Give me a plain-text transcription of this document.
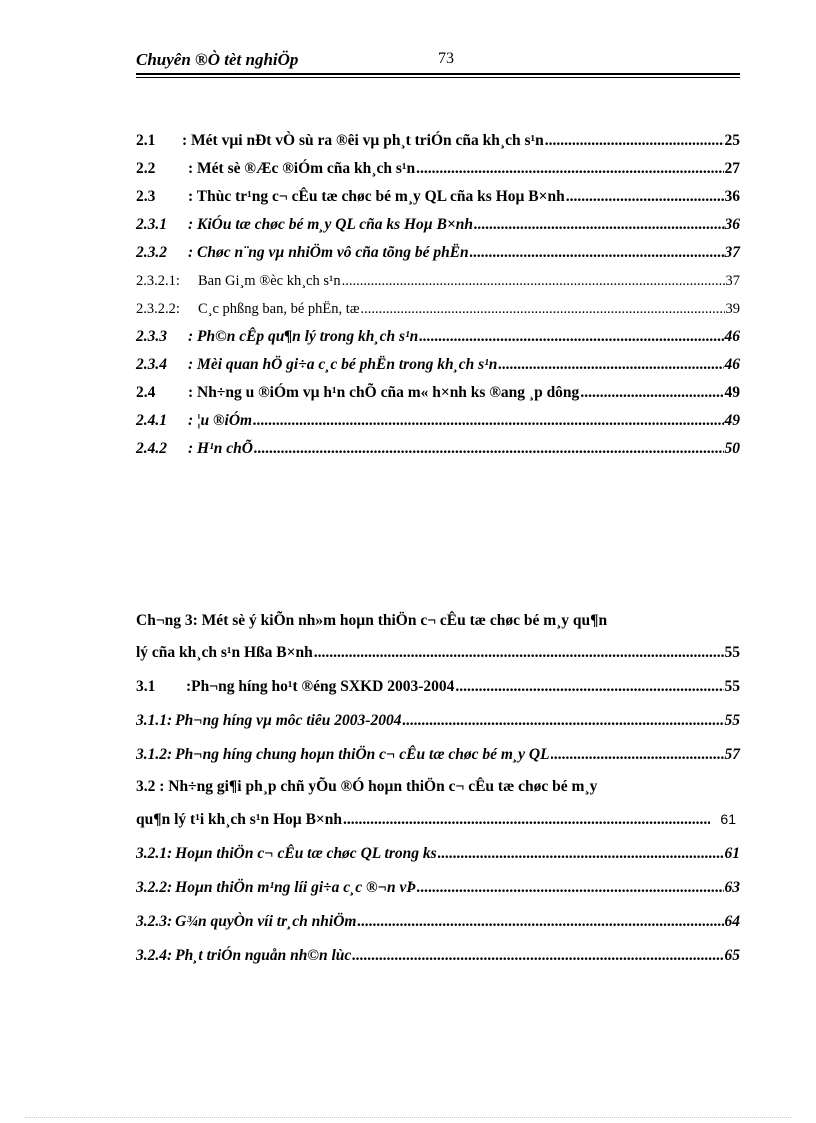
Chuyên ®Ò tèt nghiÖp	73
2.1	: Mét vµi nÐt vÒ sù ra ®êi vµ ph¸t triÓn cña kh¸ch s¹n .....	25
2.2	: Mét sè ®Æc ®iÓm cña kh¸ch s¹n .....	27
2.3	: Thùc tr¹ng c¬ cÊu tæ chøc bé m¸y QL cña ks Hoµ B×nh .....	36
2.3.1	: KiÓu tæ chøc bé m¸y QL cña ks Hoµ B×nh .....	36
2.3.2	: Chøc n¨ng vµ nhiÖm vô cña tõng bé phËn .....	37
2.3.2.1:	Ban Gi¸m ®èc kh¸ch s¹n .....	37
2.3.2.2:	C¸c phßng ban, bé phËn, tæ .....	39
2.3.3	: Ph©n cÊp qu¶n lý trong kh¸ch s¹n .....	46
2.3.4	: Mèi quan hÖ gi÷a c¸c bé phËn trong kh¸ch s¹n .....	46
2.4	: Nh÷ng u ®iÓm vµ h¹n chÕ cña m« h×nh ks ®ang ¸p dông .....	49
2.4.1	: ¦u ®iÓm .....	49
2.4.2	: H¹n chÕ .....	50
Ch¬ng 3: Mét sè ý kiÕn nh»m hoµn thiÖn c¬ cÊu tæ chøc bé m¸y qu¶n
lý cña kh¸ch s¹n Hßa B×nh .....	55
3.1	:Ph¬ng híng ho¹t ®éng SXKD 2003-2004 .....	55
3.1.1: Ph¬ng híng vµ môc tiêu 2003-2004 .....	55
3.1.2: Ph¬ng híng chung hoµn thiÖn c¬ cÊu tæ chøc bé m¸y QL .....	57
3.2 : Nh÷ng gi¶i ph¸p chñ yÕu ®Ó hoµn thiÖn c¬ cÊu tæ chøc bé m¸y
qu¶n lý t¹i kh¸ch s¹n Hoµ B×nh .....	61
3.2.1: Hoµn thiÖn c¬ cÊu tæ chøc QL trong ks .....	61
3.2.2: Hoµn thiÖn m¹ng líi gi÷a c¸c ®¬n vÞ .....	63
3.2.3: G¾n quyÒn víi tr¸ch nhiÖm .....	64
3.2.4: Ph¸t triÓn nguån nh©n lùc .....	65
